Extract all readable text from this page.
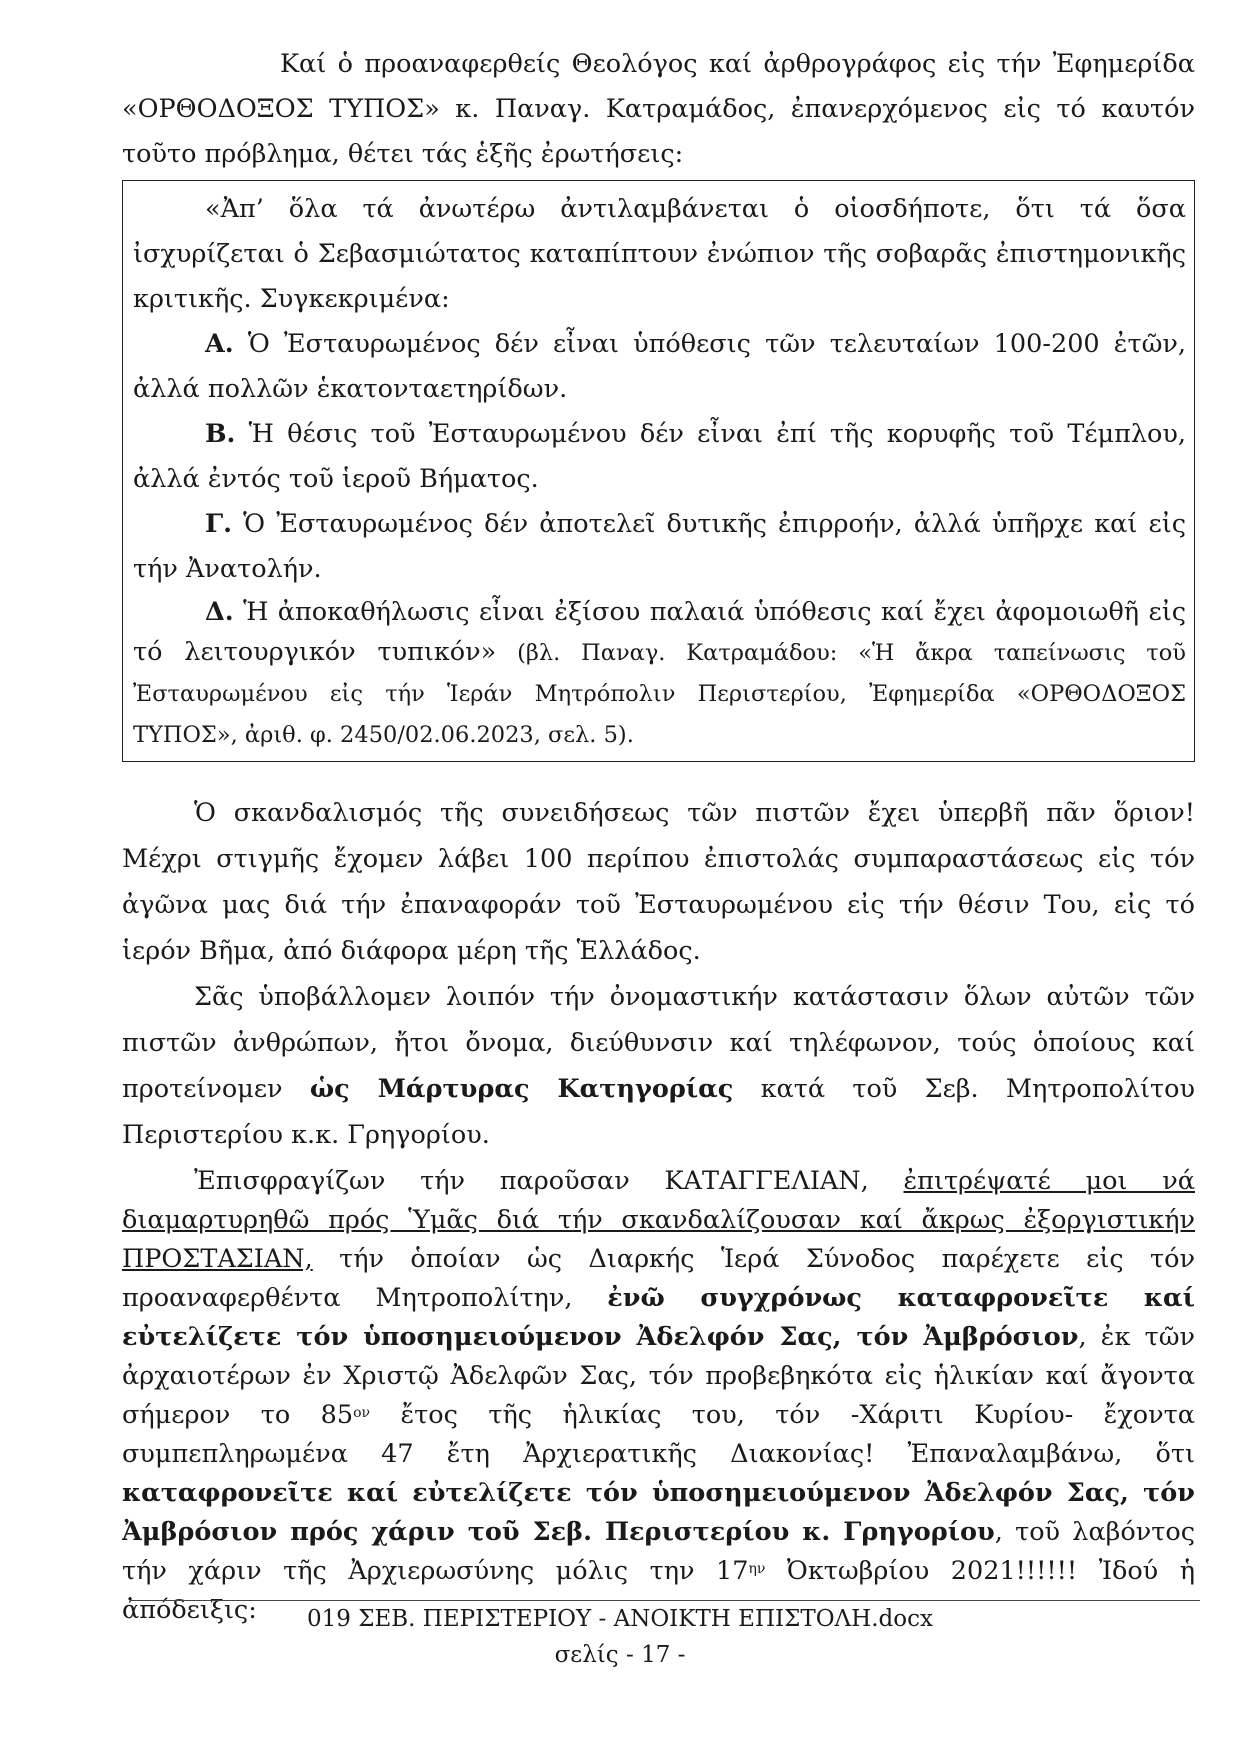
Καί ὁ προαναφερθείς Θεολόγος καί ἀρθρογράφος εἰς τήν Ἐφημερίδα «ΟΡΘΟΔΟΞΟΣ ΤΥΠΟΣ» κ. Παναγ. Κατραμάδος, ἐπανερχόμενος εἰς τό καυτόν τοῦτο πρόβλημα, θέτει τάς ἑξῆς ἐρωτήσεις:

«Ἀπ’ ὅλα τά ἀνωτέρω ἀντιλαμβάνεται ὁ οἱοσδήποτε, ὅτι τά ὅσα ἰσχυρίζεται ὁ Σεβασμιώτατος καταπίπτουν ἐνώπιον τῆς σοβαρᾶς ἐπιστημονικῆς κριτικῆς. Συγκεκριμένα:

Α. Ὁ Ἐσταυρωμένος δέν εἶναι ὑπόθεσις τῶν τελευταίων 100-200 ἐτῶν, ἀλλά πολλῶν ἑκατονταετηρίδων.

Β. Ἡ θέσις τοῦ Ἐσταυρωμένου δέν εἶναι ἐπί τῆς κορυφῆς τοῦ Τέμπλου, ἀλλά ἐντός τοῦ ἱεροῦ Βήματος.

Γ. Ὁ Ἐσταυρωμένος δέν ἀποτελεῖ δυτικῆς ἐπιρροήν, ἀλλά ὑπῆρχε καί εἰς τήν Ἀνατολήν.

Δ. Ἡ ἀποκαθήλωσις εἶναι ἐξίσου παλαιά ὑπόθεσις καί ἔχει ἀφομοιωθῆ εἰς τό λειτουργικόν τυπικόν» (βλ. Παναγ. Κατραμάδου: «Ἡ ἄκρα ταπείνωσις τοῦ Ἐσταυρωμένου εἰς τήν Ἱεράν Μητρόπολιν Περιστερίου, Ἐφημερίδα «ΟΡΘΟΔΟΞΟΣ ΤΥΠΟΣ», ἀριθ. φ. 2450/02.06.2023, σελ. 5).

Ὁ σκανδαλισμός τῆς συνειδήσεως τῶν πιστῶν ἔχει ὑπερβῆ πᾶν ὅριον! Μέχρι στιγμῆς ἔχομεν λάβει 100 περίπου ἐπιστολάς συμπαραστάσεως εἰς τόν ἀγῶνα μας διά τήν ἐπαναφοράν τοῦ Ἐσταυρωμένου εἰς τήν θέσιν Του, εἰς τό ἱερόν Βῆμα, ἀπό διάφορα μέρη τῆς Ἑλλάδος.

Σᾶς ὑποβάλλομεν λοιπόν τήν ὀνομαστικήν κατάστασιν ὅλων αὐτῶν τῶν πιστῶν ἀνθρώπων, ἤτοι ὄνομα, διεύθυνσιν καί τηλέφωνον, τούς ὁποίους καί προτείνομεν ὡς Μάρτυρας Κατηγορίας κατά τοῦ Σεβ. Μητροπολίτου Περιστερίου κ.κ. Γρηγορίου.

Ἐπισφραγίζων τήν παροῦσαν ΚΑΤΑΓΓΕΛΙΑΝ, ἐπιτρέψατέ μοι νά διαμαρτυρηθῶ πρός Ὑμᾶς διά τήν σκανδαλίζουσαν καί ἄκρως ἐξοργιστικήν ΠΡΟΣΤΑΣΙΑΝ, τήν ὁποίαν ὡς Διαρκής Ἱερά Σύνοδος παρέχετε εἰς τόν προαναφερθέντα Μητροπολίτην, ἐνῶ συγχρόνως καταφρονεῖτε καί εὐτελίζετε τόν ὑποσημειούμενον Ἀδελφόν Σας, τόν Ἀμβρόσιον, ἐκ τῶν ἀρχαιοτέρων ἐν Χριστῷ Ἀδελφῶν Σας, τόν προβεβηκότα εἰς ἡλικίαν καί ἄγοντα σήμερον το $85^{o\nu}$ ἔτος τῆς ἡλικίας του, τόν -Χάριτι Κυρίου- ἔχοντα συμπεπληρωμένα 47 ἔτη Ἀρχιερατικῆς Διακονίας! Ἐπαναλαμβάνω, ὅτι καταφρονεῖτε καί εὐτελίζετε τόν ὑποσημειούμενον Ἀδελφόν Σας, τόν Ἀμβρόσιον πρός χάριν τοῦ Σεβ. Περιστερίου κ. Γρηγορίου, τοῦ λαβόντος τήν χάριν τῆς Ἀρχιερωσύνης μόλις την $17^{\eta\nu}$ Ὀκτωβρίου 2021!!!!!! Ἰδού ἡ ἀπόδειξις:	019 ΣΕΒ. ΠΕΡΙΣΤΕΡΙΟΥ - ΑΝΟΙΚΤΗ ΕΠΙΣΤΟΛΗ.docx
σελίς - 17 -
